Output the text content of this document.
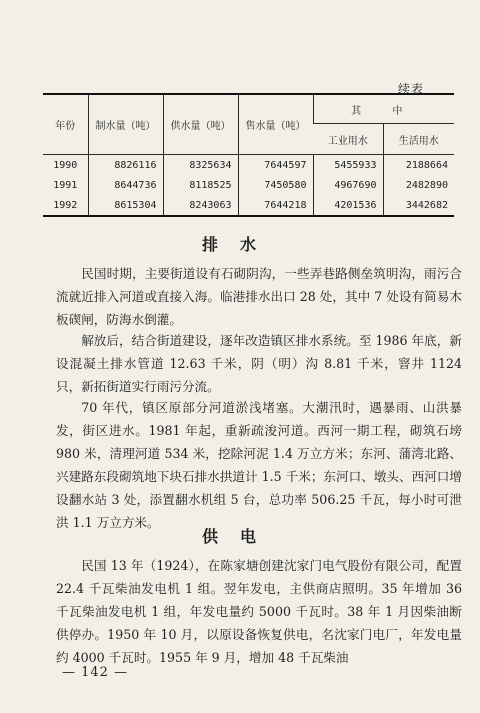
续表
年份	制水量（吨）	供水量（吨）	售水量（吨）	其 中	
				工业用水	生活用水
1990	8826116	8325634	7644597	5455933	2188664
1991	8644736	8118525	7450580	4967690	2482890
1992	8615304	8243063	7644218	4201536	3442682
排水

民国时期，主要街道设有石砌阴沟，一些弄巷路侧垒筑明沟，雨污合流就近排入河道或直接入海。临港排水出口 28 处，其中 7 处设有简易木板碶闸，防海水倒灌。

解放后，结合街道建设，逐年改造镇区排水系统。至 1986 年底，新设混凝土排水管道 12.63 千米，阴（明）沟 8.81 千米，窨井 1124 只，新拓街道实行雨污分流。

70 年代，镇区原部分河道淤浅堵塞。大潮汛时，遇暴雨、山洪暴发，街区进水。1981 年起，重新疏浚河道。西河一期工程，砌筑石塝 980 米，清理河道 534 米，挖除河泥 1.4 万立方米；东河、蒲湾北路、兴建路东段砌筑地下块石排水拱道计 1.5 千米；东河口、墩头、西河口增设翻水站 3 处，添置翻水机组 5 台，总功率 506.25 千瓦，每小时可泄洪 1.1 万立方米。

供电

民国 13 年（1924），在陈家塘创建沈家门电气股份有限公司，配置 22.4 千瓦柴油发电机 1 组。翌年发电，主供商店照明。35 年增加 36 千瓦柴油发电机 1 组，年发电量约 5000 千瓦时。38 年 1 月因柴油断供停办。1950 年 10 月，以原设备恢复供电，名沈家门电厂，年发电量约 4000 千瓦时。1955 年 9 月，增加 48 千瓦柴油

— 142 —
